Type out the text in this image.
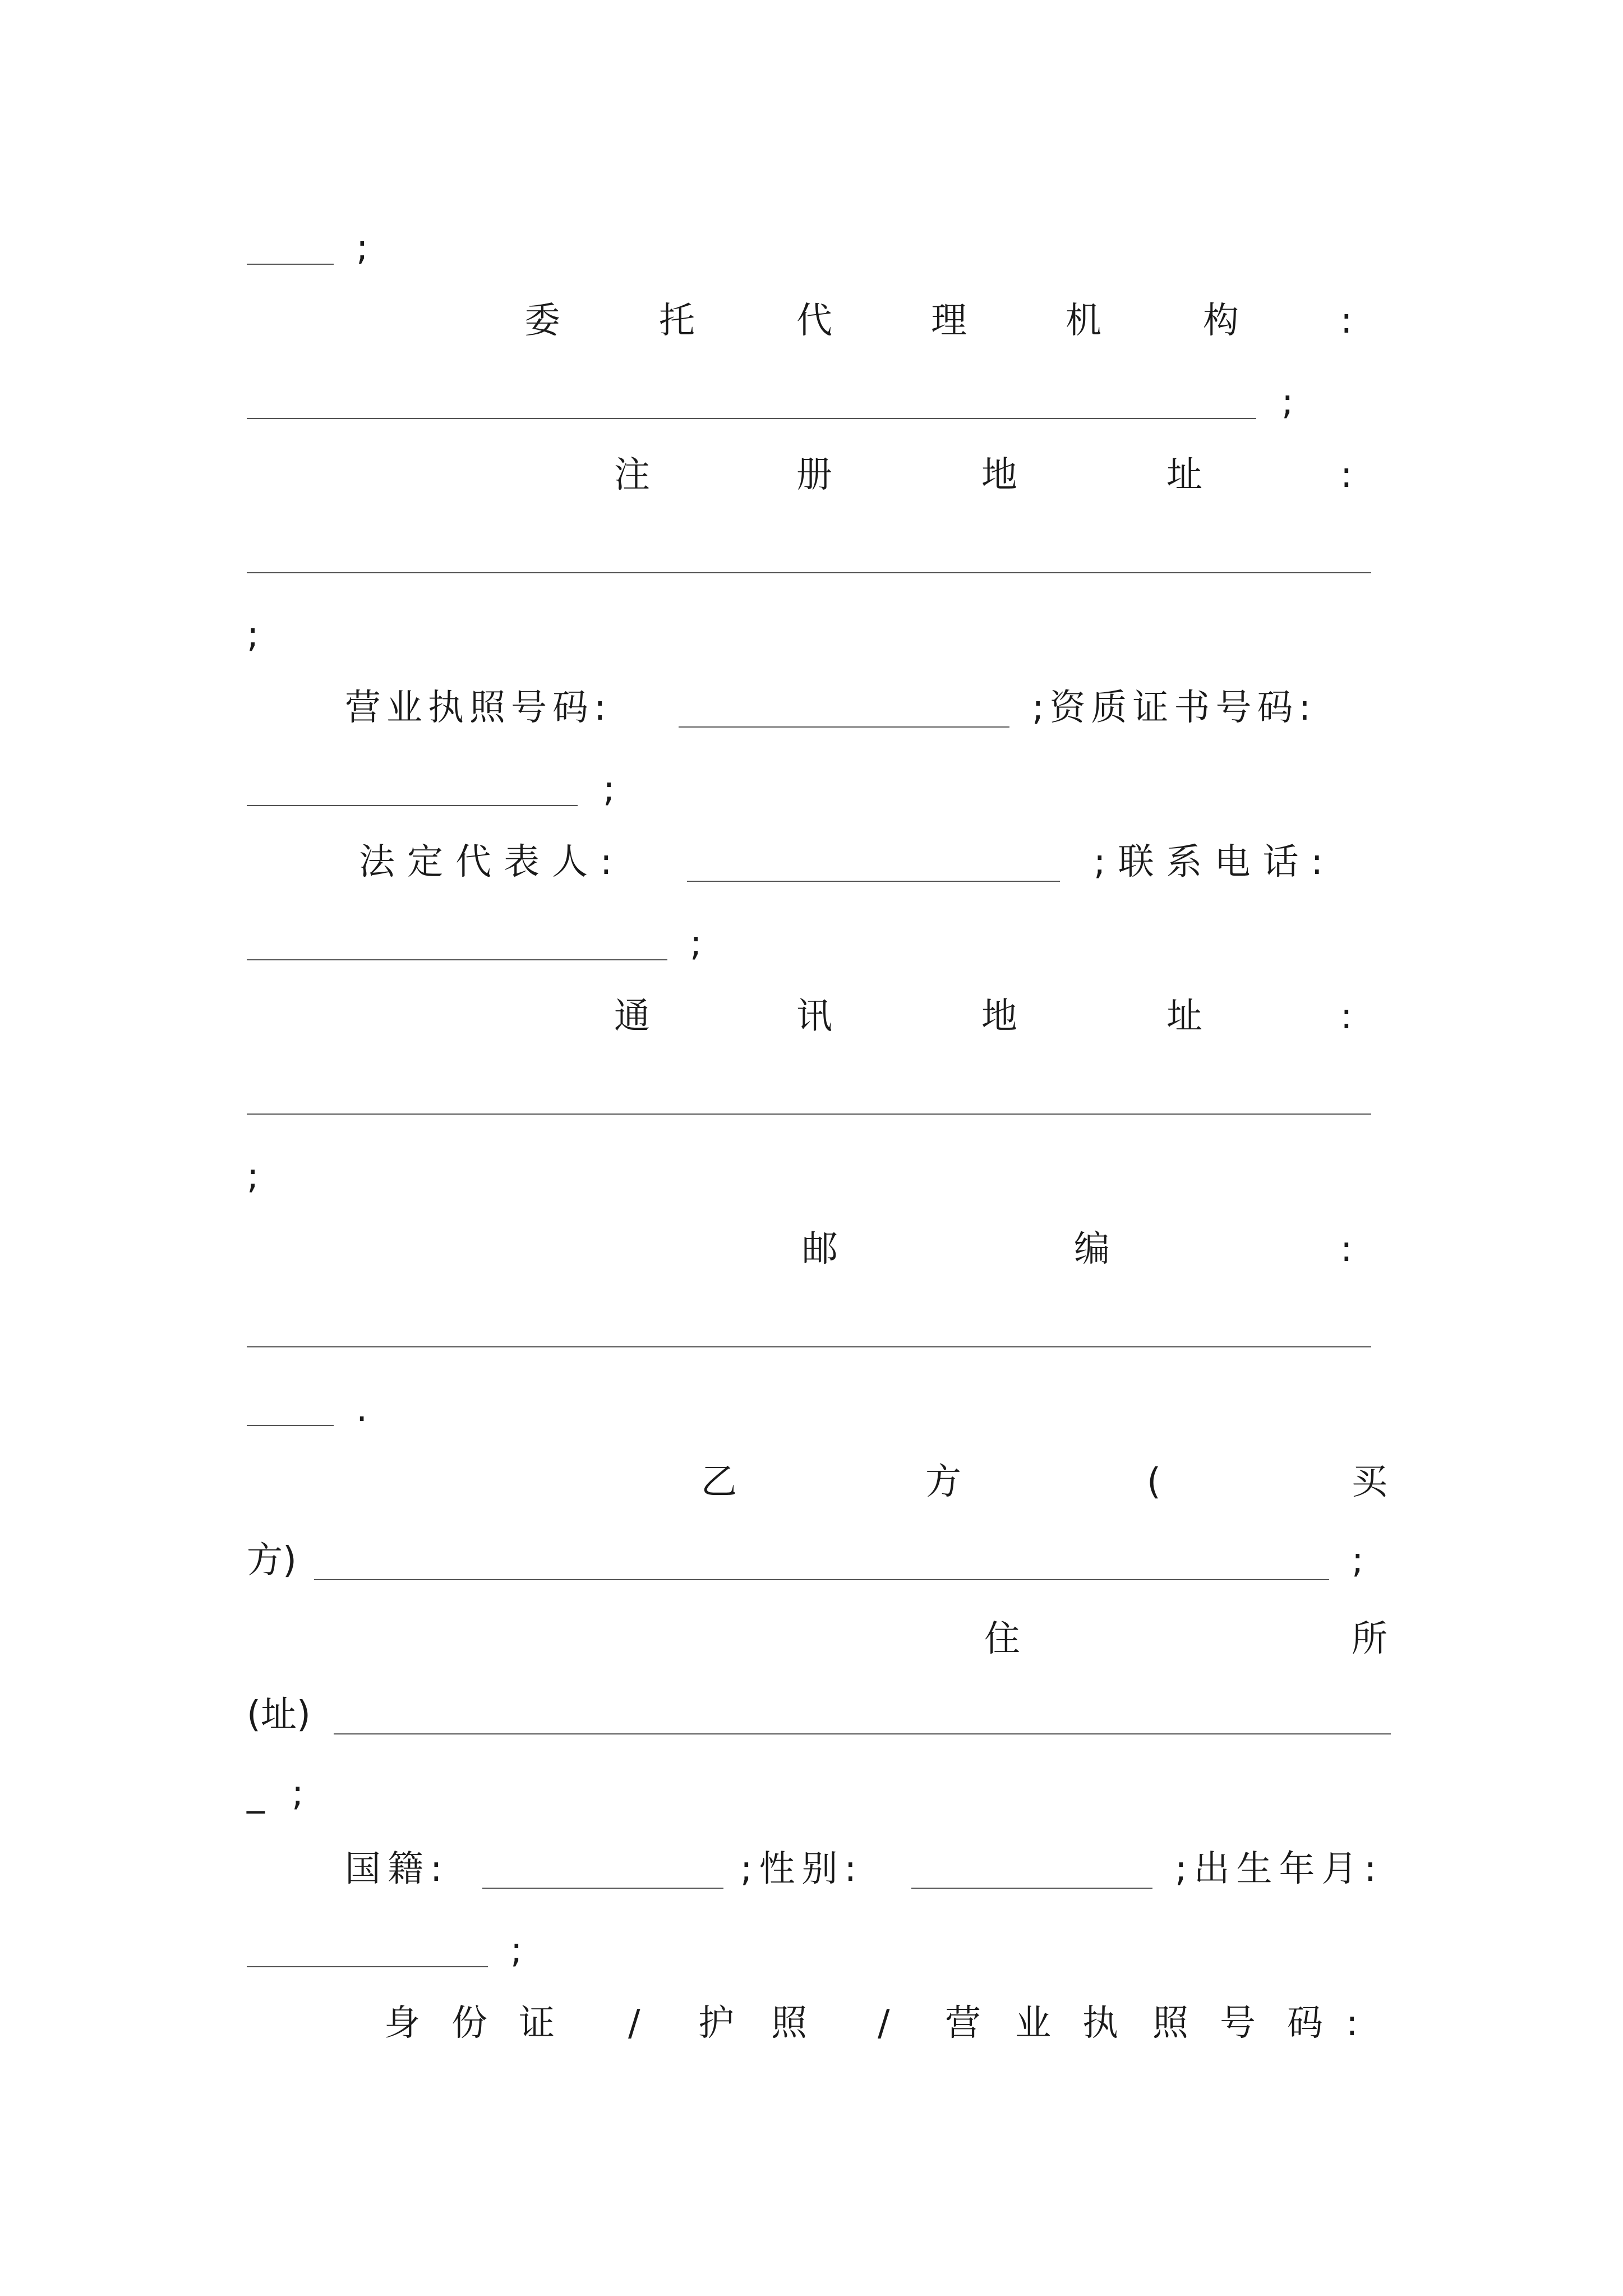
;
委	托	代	理	机	构	:
;
注	册	地	址	:
;
营业执照号码:	;资质证书号码:
;
法定代表人:	;联系电话:
;
通	讯	地	址	:
;
邮	编	:
.
乙	方	(	买
方)	;
住	所
(址)
_ ;
国籍:	;性别:	;出生年月:
;
身 份 证 / 护 照 / 营 业 执 照 号 码 :
